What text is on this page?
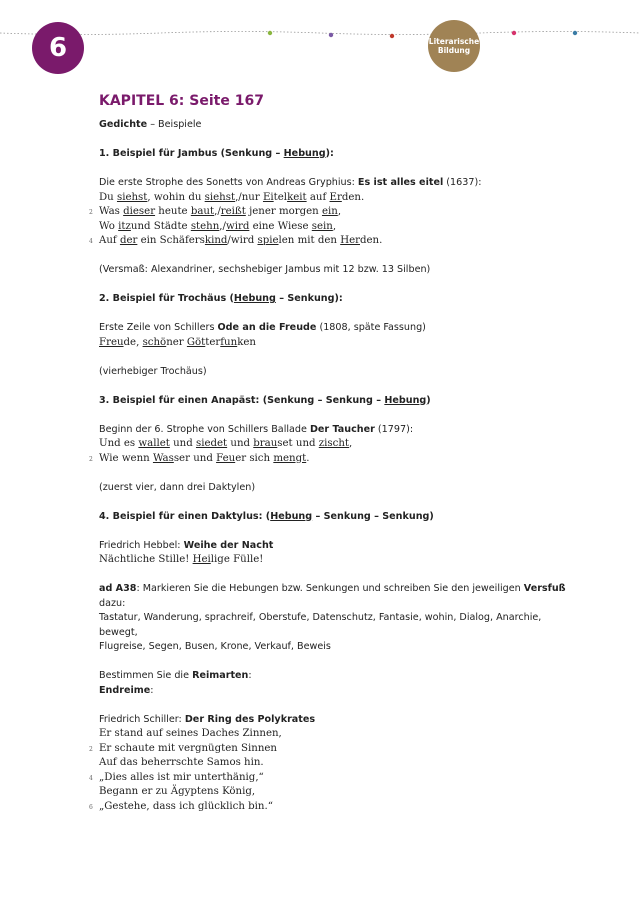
6	Literarische
Bildung
KAPITEL 6: Seite 167

Gedichte – Beispiele

1. Beispiel für Jambus (Senkung – Hebung):

Die erste Strophe des Sonetts von Andreas Gryphius: Es ist alles eitel (1637):

Du siehst, wohin du siehst,/nur Eitelkeit auf Erden.
2 Was dieser heute baut,/reißt jener morgen ein,
Wo itzund Städte stehn,/wird eine Wiese sein,
4 Auf der ein Schäferskind/wird spielen mit den Herden.

(Versmaß: Alexandriner, sechshebiger Jambus mit 12 bzw. 13 Silben)

2. Beispiel für Trochäus (Hebung – Senkung):

Erste Zeile von Schillers Ode an die Freude (1808, späte Fassung)

Freude, schöner Götterfunken

(vierhebiger Trochäus)

3. Beispiel für einen Anapäst: (Senkung – Senkung – Hebung)

Beginn der 6. Strophe von Schillers Ballade Der Taucher (1797):

Und es wallet und siedet und brauset und zischt,
2 Wie wenn Wasser und Feuer sich mengt.

(zuerst vier, dann drei Daktylen)

4. Beispiel für einen Daktylus: (Hebung – Senkung – Senkung)

Friedrich Hebbel: Weihe der Nacht

Nächtliche Stille! Heilige Fülle!

ad A38: Markieren Sie die Hebungen bzw. Senkungen und schreiben Sie den jeweiligen Versfuß dazu:

Tastatur, Wanderung, sprachreif, Oberstufe, Datenschutz, Fantasie, wohin, Dialog, Anarchie, bewegt,

Flugreise, Segen, Busen, Krone, Verkauf, Beweis

Bestimmen Sie die Reimarten:

Endreime:

Friedrich Schiller: Der Ring des Polykrates

Er stand auf seines Daches Zinnen,
2 Er schaute mit vergnügten Sinnen
Auf das beherrschte Samos hin.
4 „Dies alles ist mir unterthänig,“
Begann er zu Ägyptens König,
6 „Gestehe, dass ich glücklich bin.“
